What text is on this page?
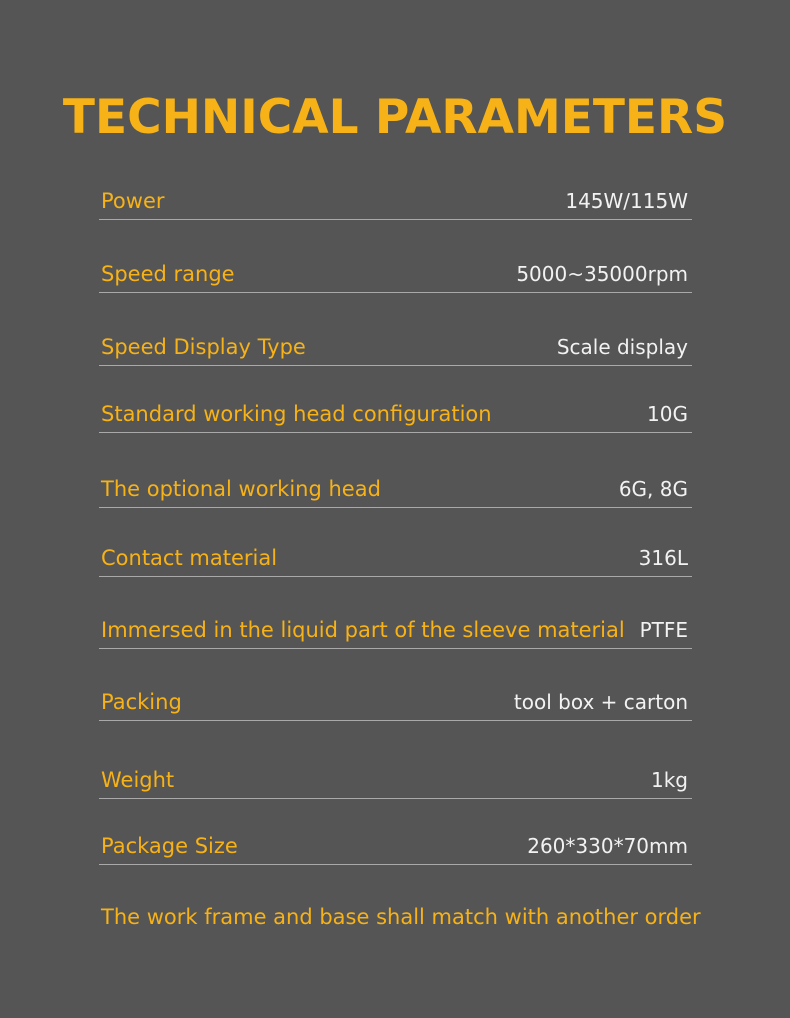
TECHNICAL PARAMETERS
Power	145W/115W
Speed range	5000~35000rpm
Speed Display Type	Scale display
Standard working head configuration	10G
The optional working head	6G, 8G
Contact material	316L
Immersed in the liquid part of the sleeve material PTFE
Packing	tool box + carton
Weight	1kg
Package Size	260*330*70mm
The work frame and base shall match with another order
